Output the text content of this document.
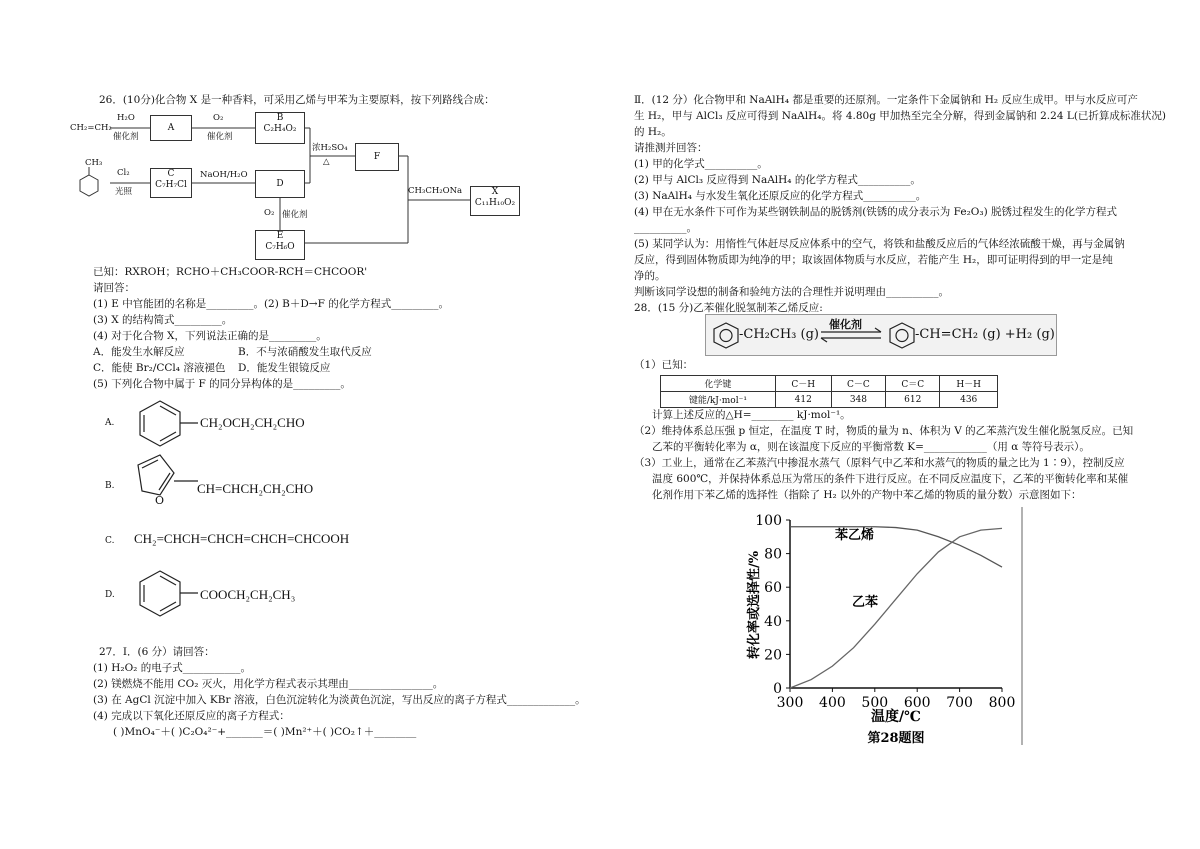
26．(10分)化合物 X 是一种香料，可采用乙烯与甲苯为主要原料，按下列路线合成：
CH₂=CH₂
CH₃
H₂O
催化剂
A
O₂
催化剂
B
C₂H₄O₂
Cl₂
光照
C
C₇H₇Cl
NaOH/H₂O
D
浓H₂SO₄
△	F
O₂ 催化剂
E
C₇H₆O
CH₃CH₂ONa	X
C₁₁H₁₀O₂
已知：RXROH；RCHO＋CH₃COOR-RCH＝CHCOOR'
请回答：
(1) E 中官能团的名称是_________。(2) B＋D→F 的化学方程式_________。
(3) X 的结构简式_________。
(4) 对于化合物 X，下列说法正确的是_________。
A．能发生水解反应	B．不与浓硝酸发生取代反应
C．能使 Br₂/CCl₄ 溶液褪色 D．能发生银镜反应
(5) 下列化合物中属于 F 的同分异构体的是_________。
A.	CH₂OCH₂CH₂CHO
B.	CH=CHCH₂CH₂CHO
O
C. CH₂=CHCH=CHCH=CHCH=CHCOOH
D.	COOCH₂CH₂CH₃
27．Ⅰ．(6 分）请回答：
(1) H₂O₂ 的电子式___________。
(2) 镁燃烧不能用 CO₂ 灭火，用化学方程式表示其理由________________。
(3) 在 AgCl 沉淀中加入 KBr 溶液，白色沉淀转化为淡黄色沉淀，写出反应的离子方程式_____________。
(4) 完成以下氧化还原反应的离子方程式：
( )MnO₄⁻＋( )C₂O₄²⁻+_______＝( )Mn²⁺＋( )CO₂↑＋________
Ⅱ．(12 分）化合物甲和 NaAlH₄ 都是重要的还原剂。一定条件下金属钠和 H₂ 反应生成甲。甲与水反应可产
生 H₂，甲与 AlCl₃ 反应可得到 NaAlH₄。将 4.80g 甲加热至完全分解，得到金属钠和 2.24 L(已折算成标准状况)
的 H₂。
请推测并回答：
(1) 甲的化学式__________。
(2) 甲与 AlCl₃ 反应得到 NaAlH₄ 的化学方程式__________。
(3) NaAlH₄ 与水发生氧化还原反应的化学方程式__________。
(4) 甲在无水条件下可作为某些钢铁制品的脱锈剂(铁锈的成分表示为 Fe₂O₃) 脱锈过程发生的化学方程式
__________。
(5) 某同学认为：用惰性气体赶尽反应体系中的空气，将铁和盐酸反应后的气体经浓硫酸干燥，再与金属钠
反应，得到固体物质即为纯净的甲；取该固体物质与水反应，若能产生 H₂，即可证明得到的甲一定是纯
净的。
判断该同学设想的制备和验纯方法的合理性并说明理由__________。
28．(15 分)乙苯催化脱氢制苯乙烯反应:
-CH₂CH₃ (g)
催化剂
-CH=CH₂ (g) +H₂ (g)
（1）已知：
化学键	C－H	C－C	C＝C	H－H
键能/kJ·mol⁻¹	412	348	612	436
计算上述反应的△H=________ kJ·mol⁻¹。
（2）维持体系总压强 p 恒定，在温度 T 时，物质的量为 n、体积为 V 的乙苯蒸汽发生催化脱氢反应。已知
乙苯的平衡转化率为 α，则在该温度下反应的平衡常数 K=____________（用 α 等符号表示）。
（3）工业上，通常在乙苯蒸汽中掺混水蒸气（原料气中乙苯和水蒸气的物质的量之比为 1∶9），控制反应
温度 600℃，并保持体系总压为常压的条件下进行反应。在不同反应温度下，乙苯的平衡转化率和某催
化剂作用下苯乙烯的选择性（指除了 H₂ 以外的产物中苯乙烯的物质的量分数）示意图如下：
0
20
40
60
80
100
300 400 500 600 700 800
苯乙烯
乙苯
转化率或选择性/%
温度/℃
第28题图
